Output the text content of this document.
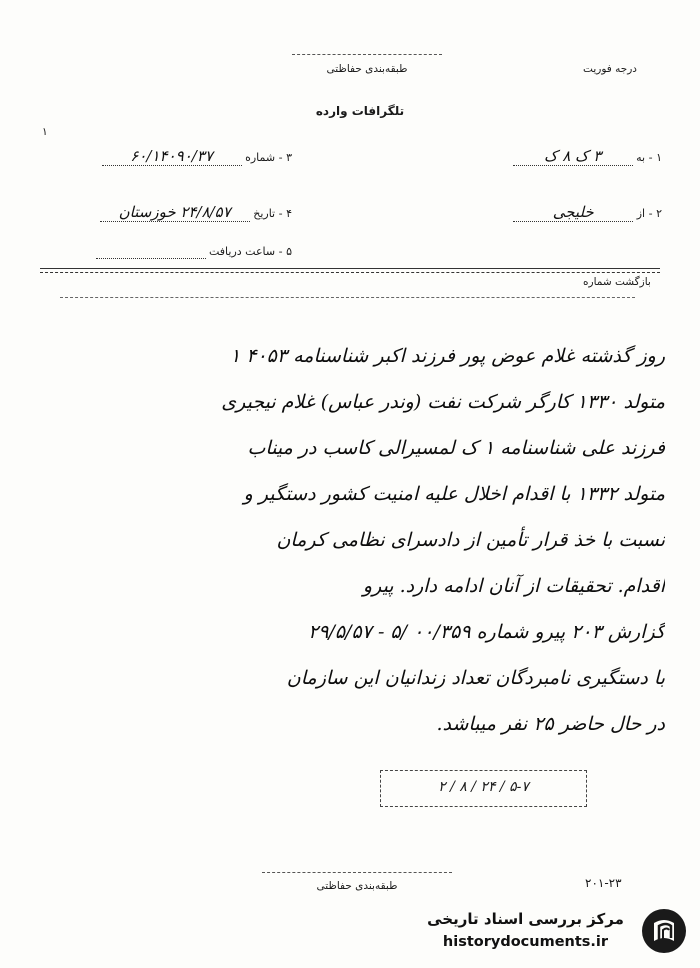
طبقه‌بندی حفاظتی	درجه فوریت
تلگرافات وارده
۳ - شماره ۶۰/۱۴۰۹۰/۳۷
۱
۱ - به ۳ ک ۸ ک
۴ - تاریخ ۲۴/۸/۵۷ خوزستان	۲ - از خلیجی
۵ - ساعت دریافت
بازگشت شماره
روز گذشته غلام عوض پور فرزند اکبر شناسنامه ۴۰۵۳ ۱
متولد ۱۳۳۰ کارگر شرکت نفت (وندر عباس) غلام نیجیری
فرزند علی شناسنامه ۱ ک لمسیرالی کاسب در میناب
متولد ۱۳۳۲ با اقدام اخلال علیه امنیت کشور دستگیر و
نسبت با خذ قرار تأمین از دادسرای نظامی کرمان
اقدام. تحقیقات از آنان ادامه دارد. پیرو
گزارش ۲۰۳ پیرو شماره ۰۰/۳۵۹ /۵ - ۲۹/۵/۵۷
با دستگیری نامبردگان تعداد زندانیان این سازمان
در حال حاضر ۲۵ نفر میباشد.
۵-۷ / ۲۴ / ۸ / ۲
طبقه‌بندی حفاظتی	۲۰۱-۲۳
مرکز بررسی اسناد تاریخی
historydocuments.ir
